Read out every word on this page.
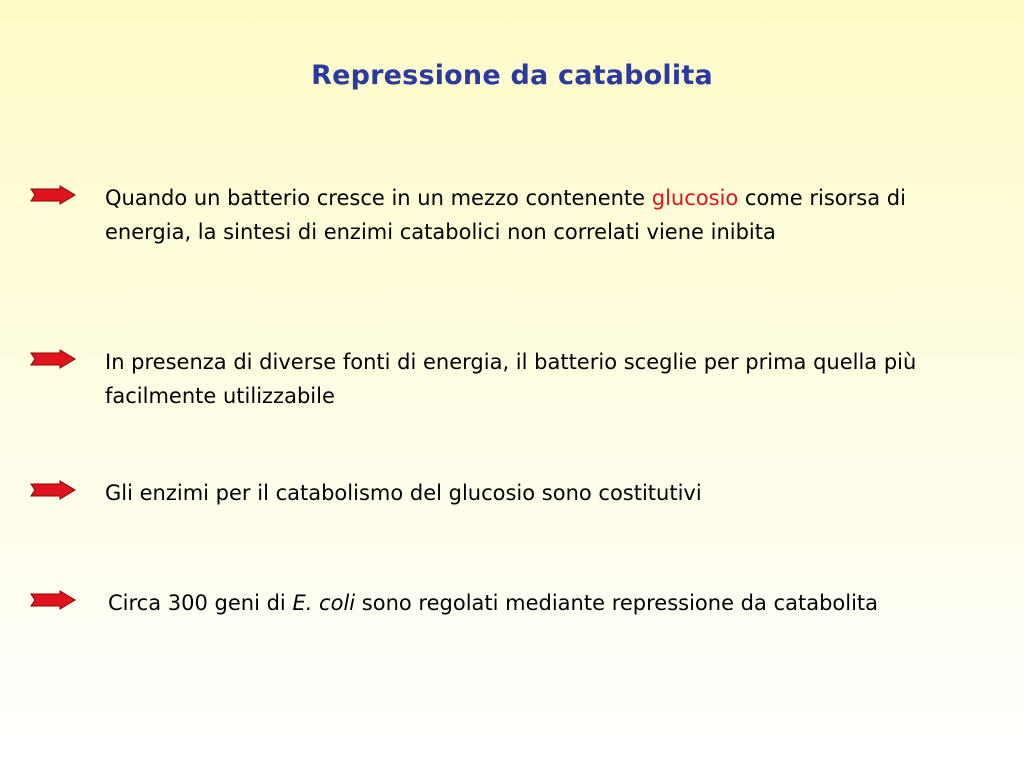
Repressione da catabolita
Quando un batterio cresce in un mezzo contenente glucosio come risorsa di energia, la sintesi di enzimi catabolici non correlati viene inibita
In presenza di diverse fonti di energia, il batterio sceglie per prima quella più facilmente utilizzabile
Gli enzimi per il catabolismo del glucosio sono costitutivi
Circa 300 geni di E. coli sono regolati mediante repressione da catabolita
